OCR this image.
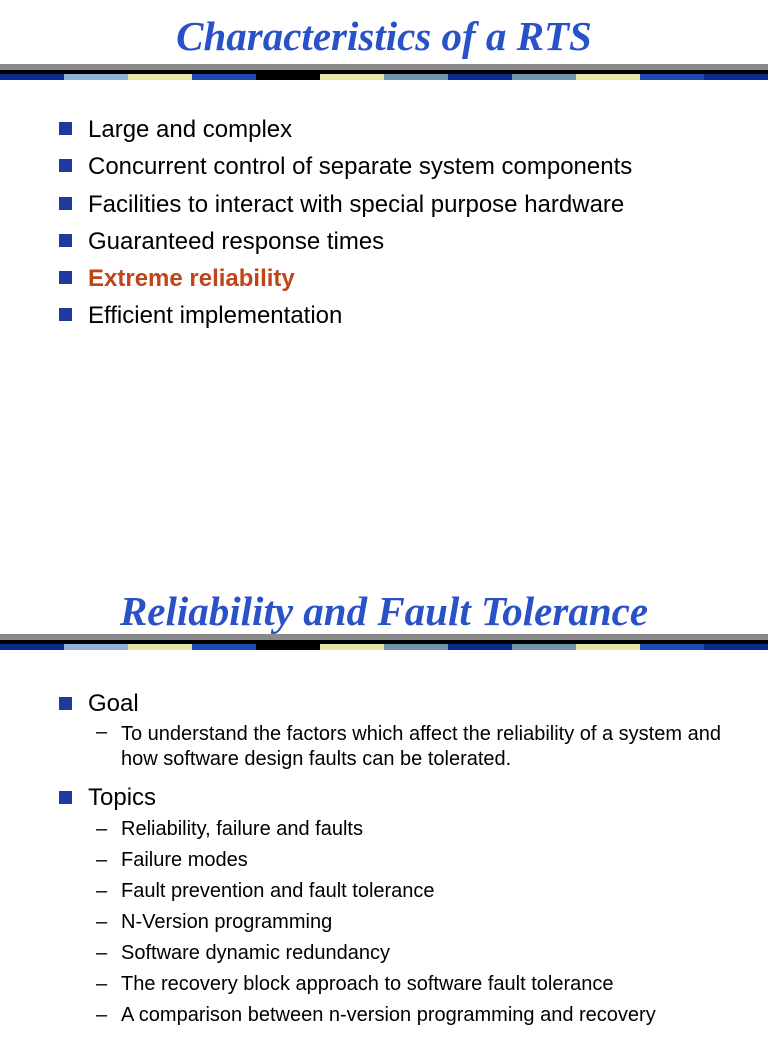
Characteristics of a RTS
Large and complex
Concurrent control of separate system components
Facilities to interact with special purpose hardware
Guaranteed response times
Extreme reliability
Efficient implementation
Reliability and Fault Tolerance
Goal
– To understand the factors which affect the reliability of a system and how software design faults can be tolerated.
Topics
– Reliability, failure and faults
– Failure modes
– Fault prevention and fault tolerance
– N-Version programming
– Software dynamic redundancy
– The recovery block approach to software fault tolerance
– A comparison between n-version programming and recovery
